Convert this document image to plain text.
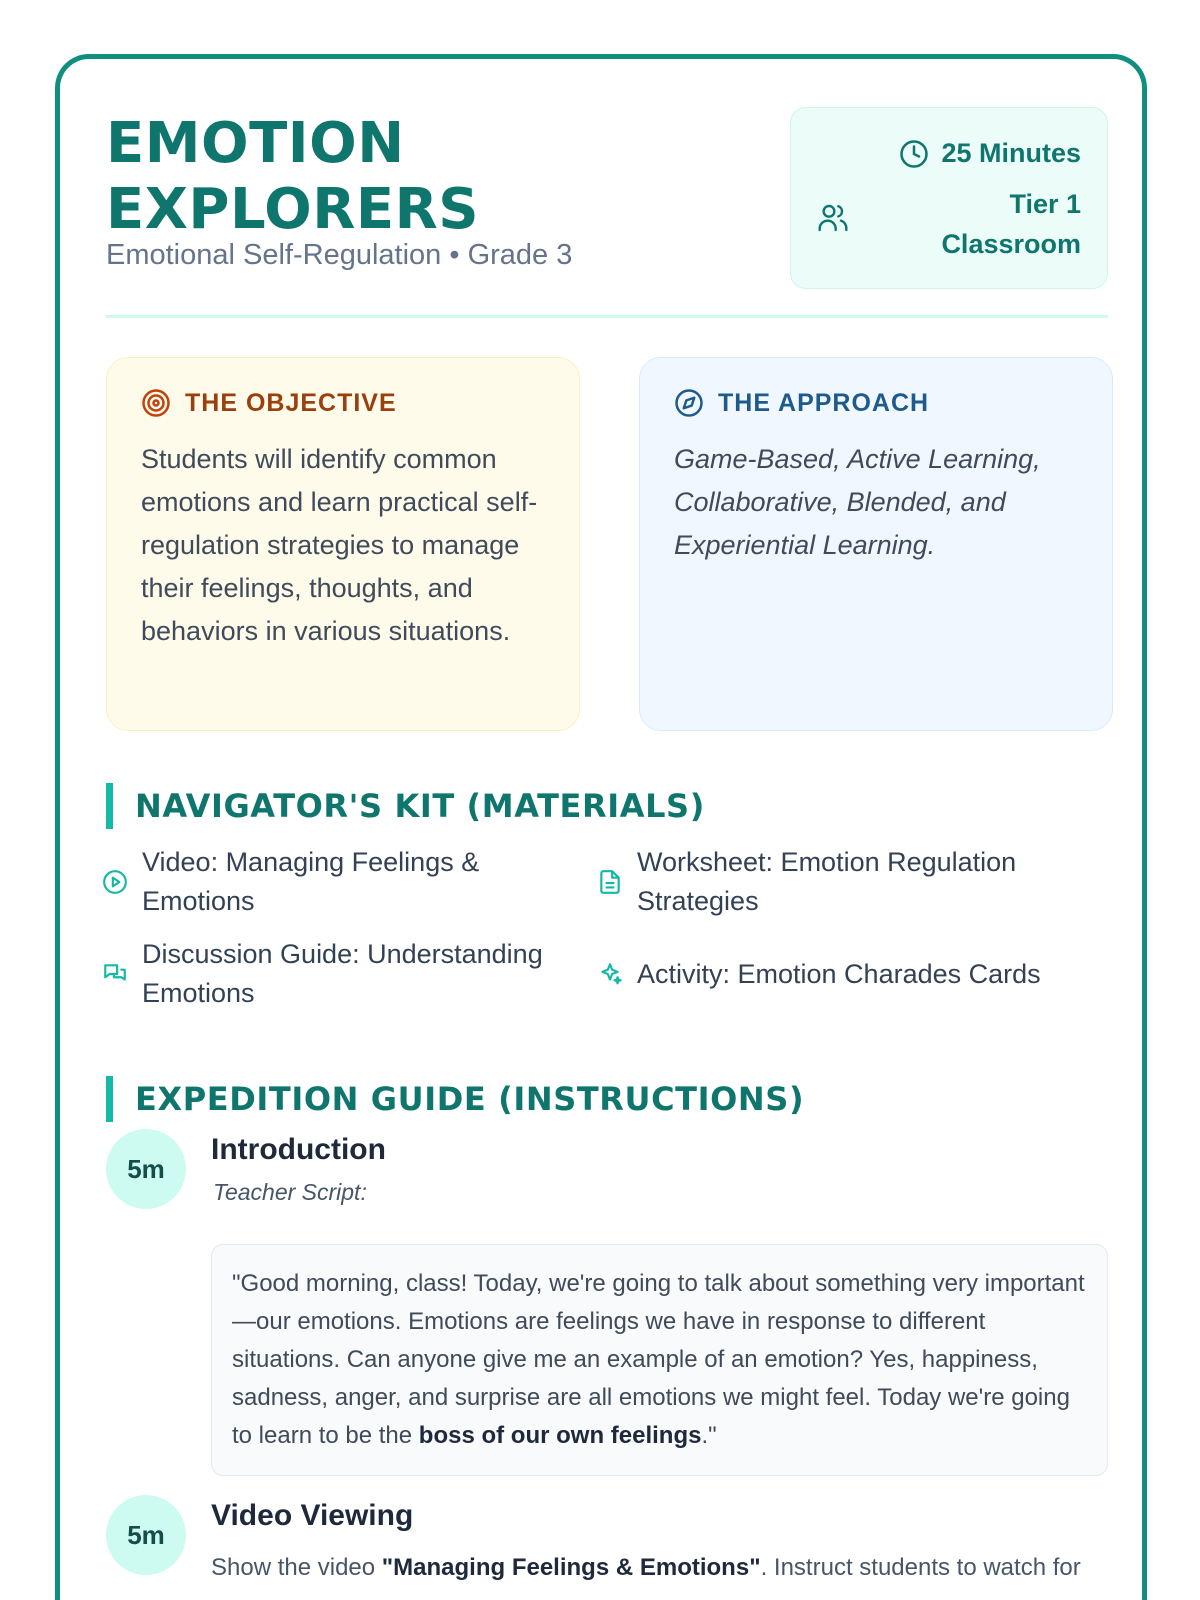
EMOTION
EXPLORERS
Emotional Self-Regulation • Grade 3
25 Minutes
Tier 1
Classroom
THE OBJECTIVE
Students will identify common emotions and learn practical self-regulation strategies to manage their feelings, thoughts, and behaviors in various situations.
THE APPROACH
Game-Based, Active Learning, Collaborative, Blended, and Experiential Learning.
NAVIGATOR'S KIT (MATERIALS)
Video: Managing Feelings & Emotions
Worksheet: Emotion Regulation Strategies
Discussion Guide: Understanding Emotions
Activity: Emotion Charades Cards
EXPEDITION GUIDE (INSTRUCTIONS)
5m
Introduction
Teacher Script:
"Good morning, class! Today, we're going to talk about something very important—our emotions. Emotions are feelings we have in response to different situations. Can anyone give me an example of an emotion? Yes, happiness, sadness, anger, and surprise are all emotions we might feel. Today we're going to learn to be the boss of our own feelings."
5m
Video Viewing
Show the video "Managing Feelings & Emotions". Instruct students to watch for
